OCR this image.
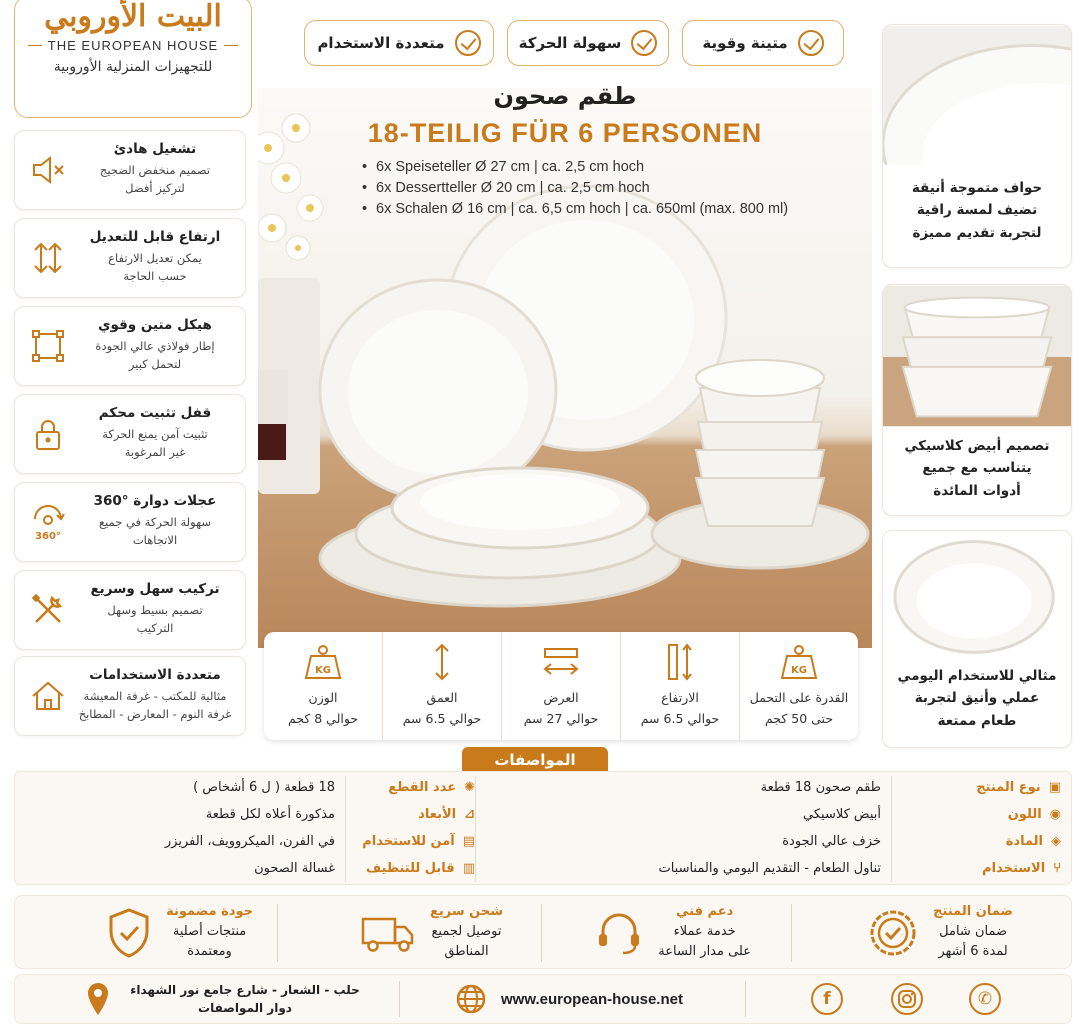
البيت الأوروبي
THE EUROPEAN HOUSE
للتجهيزات المنزلية الأوروبية
متعددة الاستخدام	سهولة الحركة	متينة وقوية
تشغيل هادئ
تصميم منخفض الضجيج
لتركيز أفضل
ارتفاع قابل للتعديل
يمكن تعديل الارتفاع
حسب الحاجة
هيكل متين وقوي
إطار فولاذي عالي الجودة
لتحمل كبير
قفل تثبيت محكم
تثبيت آمن يمنع الحركة
غير المرغوبة
360°
عجلات دوارة °360
سهولة الحركة في جميع
الاتجاهات
تركيب سهل وسريع
تصميم بسيط وسهل
التركيب
متعددة الاستخدامات
مثالية للمكتب - غرفة المعيشة
غرفة النوم - المعارض - المطابخ
طقم صحون
18-TEILIG FÜR 6 PERSONEN
• 6x Speiseteller Ø 27 cm | ca. 2,5 cm hoch
• 6x Dessertteller Ø 20 cm | ca. 2,5 cm hoch
• 6x Schalen Ø 16 cm | ca. 6,5 cm hoch | ca. 650ml (max. 800 ml)
KG
الوزن
حوالي 8 كجم
العمق
حوالي 6.5 سم
العرض
حوالي 27 سم
الارتفاع
حوالي 6.5 سم
KG
القدرة على التحمل
حتى 50 كجم
حواف متموجة أنيقة
تضيف لمسة راقية
لتجربة تقديم مميزة
تصميم أبيض كلاسيكي
يتناسب مع جميع
أدوات المائدة
مثالي للاستخدام اليومي
عملي وأنيق لتجربة
طعام ممتعة
المواصفات
▣
نوع المنتج
◉
اللون
◈
المادة
⑂
الاستخدام
طقم صحون 18 قطعة
أبيض كلاسيكي
خزف عالي الجودة
تناول الطعام - التقديم اليومي والمناسبات
✺
عدد القطع
⊿
الأبعاد
▤
آمن للاستخدام
▥
قابل للتنظيف
18 قطعة ( ل 6 أشخاص )
مذكورة أعلاه لكل قطعة
في الفرن، الميكروويف، الفريزر
غسالة الصحون
ضمان المنتج
ضمان شامل
لمدة 6 أشهر
دعم فني
خدمة عملاء
على مدار الساعة
شحن سريع
توصيل لجميع
المناطق
جودة مضمونة
منتجات أصلية
ومعتمدة
✆
f
www.european-house.net
حلب - الشعار - شارع جامع نور الشهداء
دوار المواصفات
